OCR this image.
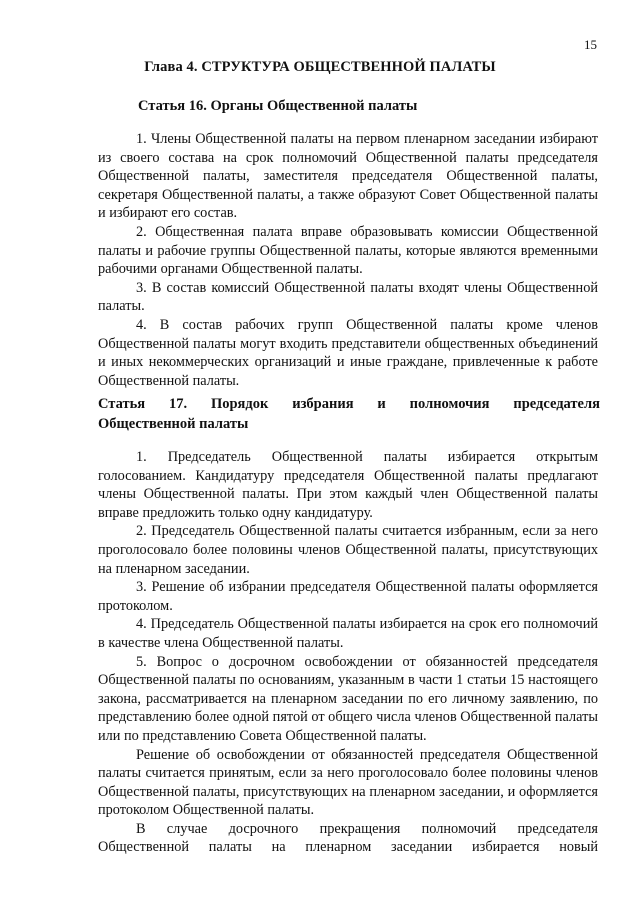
15
Глава 4. СТРУКТУРА ОБЩЕСТВЕННОЙ ПАЛАТЫ
Статья 16. Органы Общественной палаты

1. Члены Общественной палаты на первом пленарном заседании избирают из своего состава на срок полномочий Общественной палаты председателя Общественной палаты, заместителя председателя Общественной палаты, секретаря Общественной палаты, а также образуют Совет Общественной палаты и избирают его состав.

2. Общественная палата вправе образовывать комиссии Общественной палаты и рабочие группы Общественной палаты, которые являются временными рабочими органами Общественной палаты.

3. В состав комиссий Общественной палаты входят члены Общественной палаты.

4. В состав рабочих групп Общественной палаты кроме членов Общественной палаты могут входить представители общественных объединений и иных некоммерческих организаций и иные граждане, привлеченные к работе Общественной палаты.

Статья 17. Порядок избрания и полномочия председателя
Общественной палаты

1. Председатель Общественной палаты избирается открытым голосованием. Кандидатуру председателя Общественной палаты предлагают члены Общественной палаты. При этом каждый член Общественной палаты вправе предложить только одну кандидатуру.

2. Председатель Общественной палаты считается избранным, если за него проголосовало более половины членов Общественной палаты, присутствующих на пленарном заседании.

3. Решение об избрании председателя Общественной палаты оформляется протоколом.

4. Председатель Общественной палаты избирается на срок его полномочий в качестве члена Общественной палаты.

5. Вопрос о досрочном освобождении от обязанностей председателя Общественной палаты по основаниям, указанным в части 1 статьи 15 настоящего закона, рассматривается на пленарном заседании по его личному заявлению, по представлению более одной пятой от общего числа членов Общественной палаты или по представлению Совета Общественной палаты.

Решение об освобождении от обязанностей председателя Общественной палаты считается принятым, если за него проголосовало более половины членов Общественной палаты, присутствующих на пленарном заседании, и оформляется протоколом Общественной палаты.

В случае досрочного прекращения полномочий председателя Общественной палаты на пленарном заседании избирается новый
